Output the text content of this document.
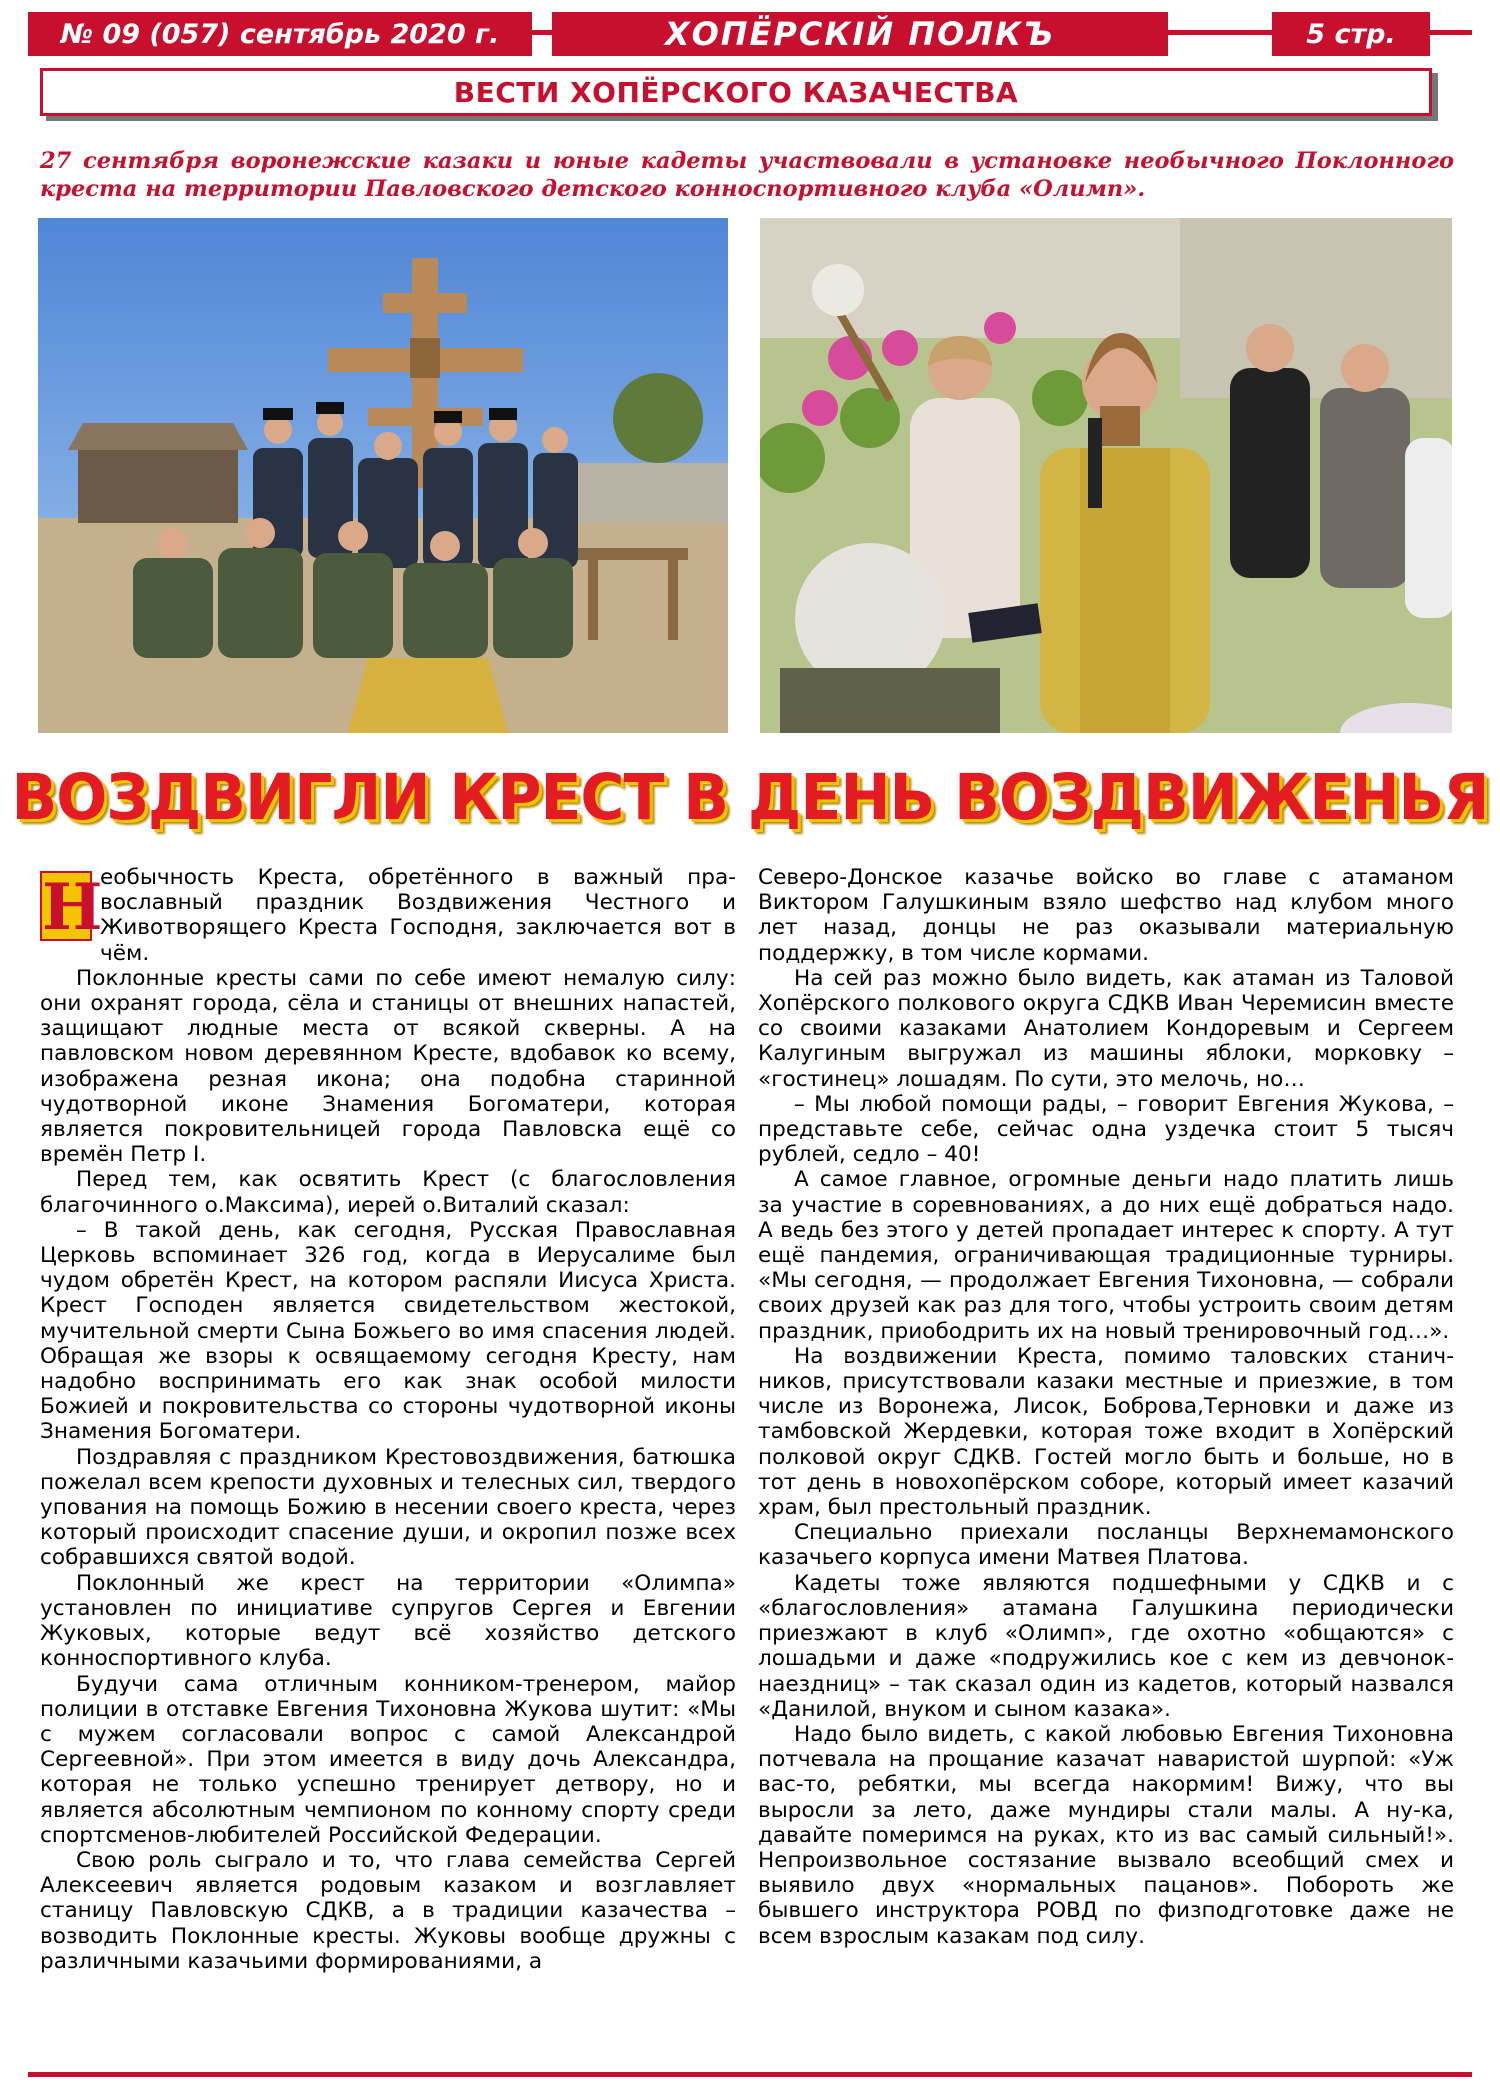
№ 09 (057) сентябрь 2020 г.	ХОПЁРСКIЙ ПОЛКЪ	5 стр.
ВЕСТИ ХОПЁРСКОГО КАЗАЧЕСТВА
27 сентября воронежские казаки и юные кадеты участвовали в установке необычного Поклонного креста на территории Павловского детского конноспортивного клуба «Олимп».
ВОЗДВИГЛИ КРЕСТ В ДЕНЬ ВОЗДВИЖЕНЬЯ
Н

еобычность Креста, обретённого в важный православный праздник Воздвижения Честного и Животворящего Креста Господня, заключается вот в чём.

Поклонные кресты сами по себе имеют немалую силу: они охранят города, сёла и станицы от внешних напастей, защищают людные места от всякой скверны. А на павловском новом деревянном Кресте, вдобавок ко всему, изображена резная икона; она подобна старинной чудотворной иконе Знамения Богоматери, которая является покровительницей города Павловска ещё со времён Петр I.

Перед тем, как освятить Крест (с благословления благочинного о.Максима), иерей о.Виталий сказал:

– В такой день, как сегодня, Русская Православная Церковь вспоминает 326 год, когда в Иерусалиме был чудом обретён Крест, на котором распяли Иисуса Христа. Крест Господен является свидетельством жестокой, мучительной смерти Сына Божьего во имя спасения людей. Обращая же взоры к освящаемому сегодня Кресту, нам надобно воспринимать его как знак особой милости Божией и покровительства со стороны чудотворной иконы Знамения Богоматери.

Поздравляя с праздником Крестовоздвижения, батюшка пожелал всем крепости духовных и телесных сил, твердого упования на помощь Божию в несении своего креста, через который происходит спасение души, и окропил позже всех собравшихся святой водой.

Поклонный же крест на территории «Олимпа» установлен по инициативе супругов Сергея и Евгении Жуковых, которые ведут всё хозяйство детского конноспортивного клуба.

Будучи сама отличным конником-тренером, майор полиции в отставке Евгения Тихоновна Жукова шутит: «Мы с мужем согласовали вопрос с самой Александрой Сергеевной». При этом имеется в виду дочь Александра, которая не только успешно тренирует детвору, но и является абсолютным чемпионом по конному спорту среди спортсменов-любителей Российской Федерации.

Свою роль сыграло и то, что глава семейства Сергей Алексеевич является родовым казаком и возглавляет станицу Павловскую СДКВ, а в традиции казачества – возводить Поклонные кресты. Жуковы вообще дружны с различными казачьими формированиями, а

Северо-Донское казачье войско во главе с атаманом Виктором Галушкиным взяло шефство над клубом много лет назад, донцы не раз оказывали материальную поддержку, в том числе кормами.

На сей раз можно было видеть, как атаман из Таловой Хопёрского полкового округа СДКВ Иван Черемисин вместе со своими казаками Анатолием Кондоревым и Сергеем Калугиным выгружал из машины яблоки, морковку – «гостинец» лошадям. По сути, это мелочь, но…

– Мы любой помощи рады, – говорит Евгения Жукова, – представьте себе, сейчас одна уздечка стоит 5 тысяч рублей, седло – 40!

А самое главное, огромные деньги надо платить лишь за участие в соревнованиях, а до них ещё добраться надо. А ведь без этого у детей пропадает интерес к спорту. А тут ещё пандемия, ограничивающая традиционные турниры. «Мы сегодня, — продолжает Евгения Тихоновна, — собрали своих друзей как раз для того, чтобы устроить своим детям праздник, приободрить их на новый тренировочный год…».

На воздвижении Креста, помимо таловских станичников, присутствовали казаки местные и приезжие, в том числе из Воронежа, Лисок, Боброва,Терновки и даже из тамбовской Жердевки, которая тоже входит в Хопёрский полковой округ СДКВ. Гостей могло быть и больше, но в тот день в новохопёрском соборе, который имеет казачий храм, был престольный праздник.

Специально приехали посланцы Верхнемамонского казачьего корпуса имени Матвея Платова.

Кадеты тоже являются подшефными у СДКВ и с «благословления» атамана Галушкина периодически приезжают в клуб «Олимп», где охотно «общаются» с лошадьми и даже «подружились кое с кем из девчонок-наездниц» – так сказал один из кадетов, который назвался «Данилой, внуком и сыном казака».

Надо было видеть, с какой любовью Евгения Тихоновна потчевала на прощание казачат наваристой шурпой: «Уж вас-то, ребятки, мы всегда накормим! Вижу, что вы выросли за лето, даже мундиры стали малы. А ну-ка, давайте померимся на руках, кто из вас самый сильный!». Непроизвольное состязание вызвало всеобщий смех и выявило двух «нормальных пацанов». Побороть же бывшего инструктора РОВД по физподготовке даже не всем взрослым казакам под силу.
